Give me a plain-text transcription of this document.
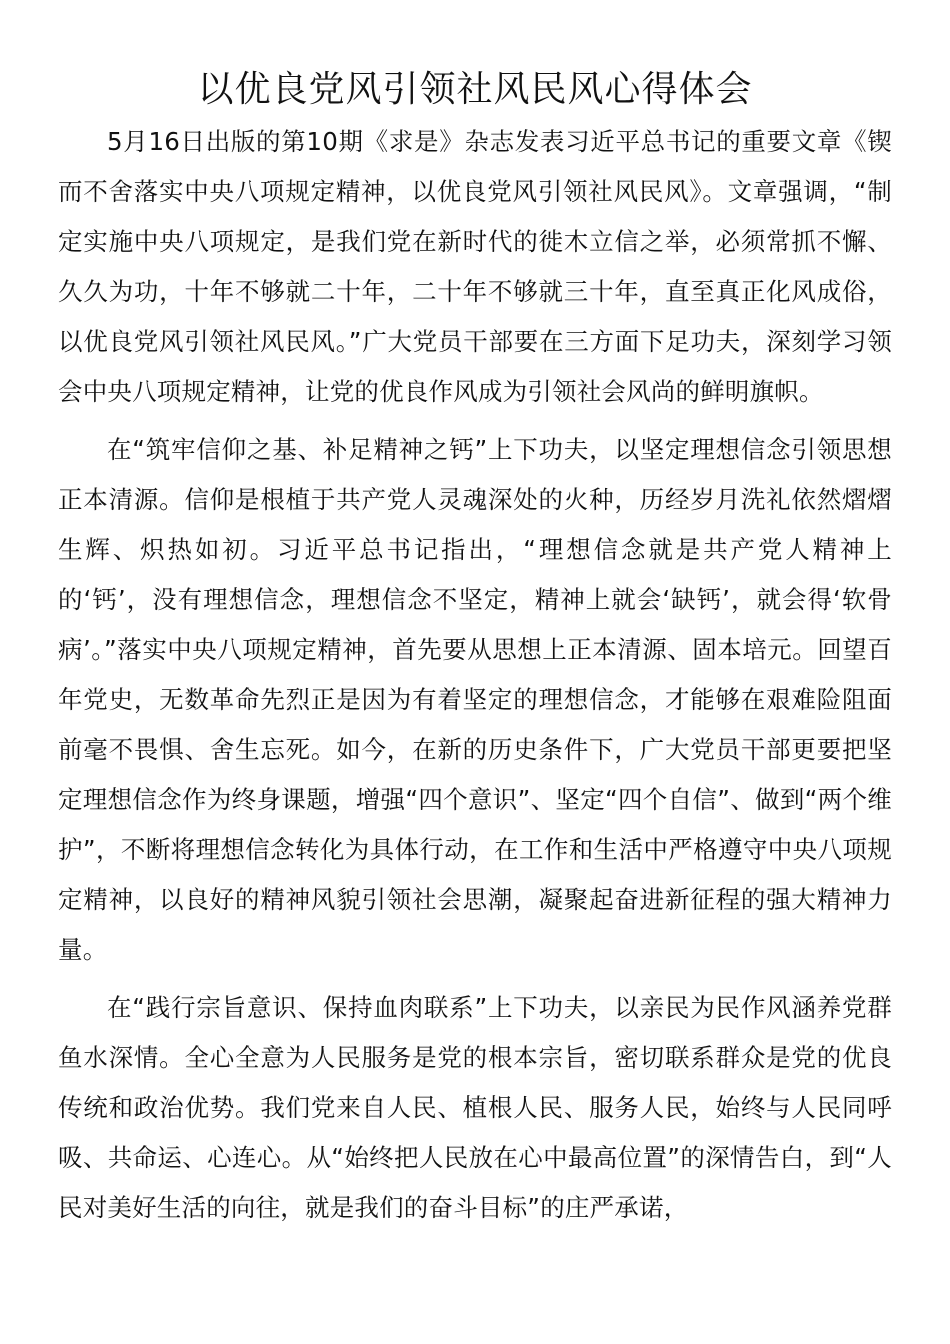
以优良党风引领社风民风心得体会

5月16日出版的第10期《求是》杂志发表习近平总书记的重要文章《锲而不舍落实中央八项规定精神，以优良党风引领社风民风》。文章强调，“制定实施中央八项规定，是我们党在新时代的徙木立信之举，必须常抓不懈、久久为功，十年不够就二十年，二十年不够就三十年，直至真正化风成俗，以优良党风引领社风民风。”广大党员干部要在三方面下足功夫，深刻学习领会中央八项规定精神，让党的优良作风成为引领社会风尚的鲜明旗帜。

在“筑牢信仰之基、补足精神之钙”上下功夫，以坚定理想信念引领思想正本清源。信仰是根植于共产党人灵魂深处的火种，历经岁月洗礼依然熠熠生辉、炽热如初。习近平总书记指出，“理想信念就是共产党人精神上的‘钙’，没有理想信念，理想信念不坚定，精神上就会‘缺钙’，就会得‘软骨病’。”落实中央八项规定精神，首先要从思想上正本清源、固本培元。回望百年党史，无数革命先烈正是因为有着坚定的理想信念，才能够在艰难险阻面前毫不畏惧、舍生忘死。如今，在新的历史条件下，广大党员干部更要把坚定理想信念作为终身课题，增强“四个意识”、坚定“四个自信”、做到“两个维护”，不断将理想信念转化为具体行动，在工作和生活中严格遵守中央八项规定精神，以良好的精神风貌引领社会思潮，凝聚起奋进新征程的强大精神力量。

在“践行宗旨意识、保持血肉联系”上下功夫，以亲民为民作风涵养党群鱼水深情。全心全意为人民服务是党的根本宗旨，密切联系群众是党的优良传统和政治优势。我们党来自人民、植根人民、服务人民，始终与人民同呼吸、共命运、心连心。从“始终把人民放在心中最高位置”的深情告白，到“人民对美好生活的向往，就是我们的奋斗目标”的庄严承诺，
